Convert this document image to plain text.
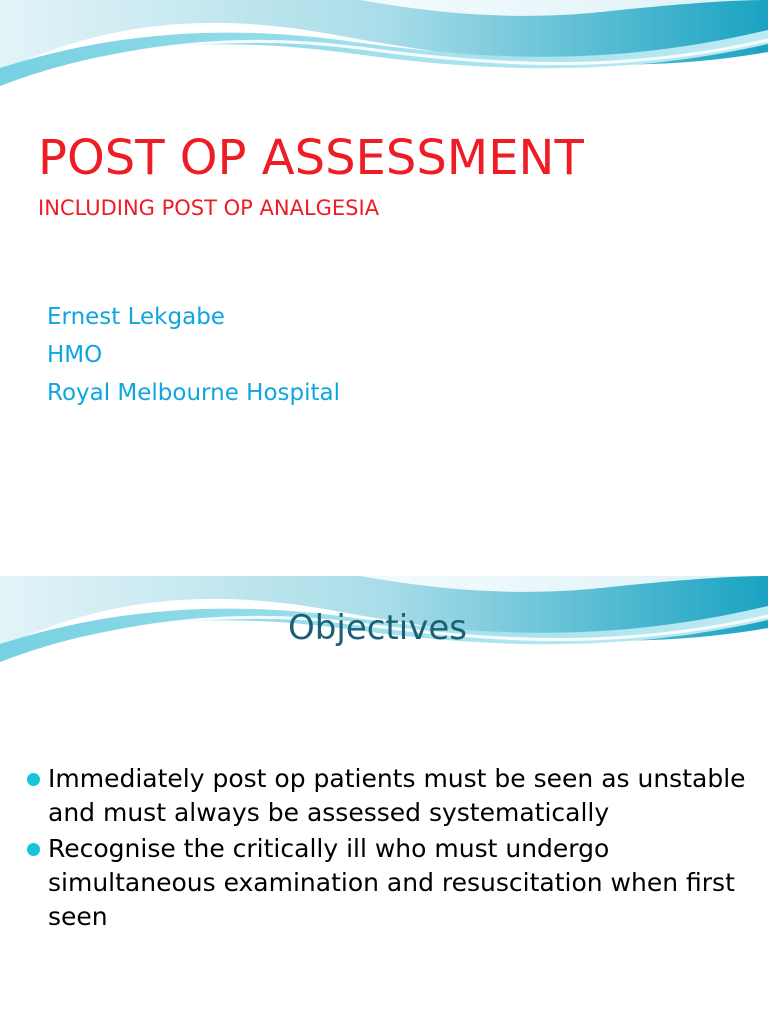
POST OP ASSESSMENT
INCLUDING POST OP ANALGESIA
Ernest Lekgabe
HMO
Royal Melbourne Hospital
Objectives
Immediately post op patients must be seen as unstable and must always be assessed systematically
Recognise the critically ill who must undergo simultaneous examination and resuscitation when first seen
